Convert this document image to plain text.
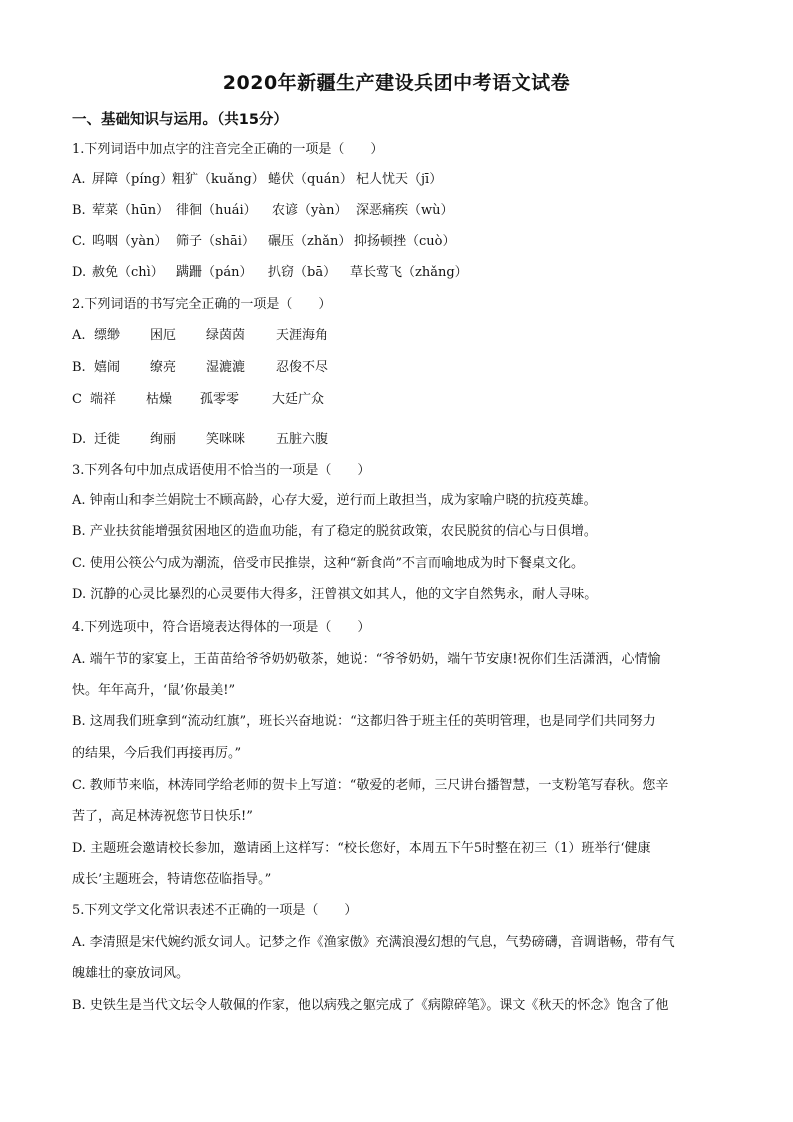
2020年新疆生产建设兵团中考语文试卷
一、基础知识与运用。（共15分）
1.下列词语中加点字的注音完全正确的一项是（　　）
A. 屏障（píng）
粗犷（kuǎng） 蜷伏（quán） 杞人忧天（jī）
B. 荤菜（hūn） 徘徊（huái） 农谚（yàn） 深恶痛疾（wù）
C. 呜咽（yàn） 筛子（shāi） 碾压（zhǎn） 抑扬顿挫（cuò）
D. 赦免（chì） 蹒跚（pán） 扒窃（bā） 草长莺飞（zhǎng）
2.下列词语的书写完全正确的一项是（　　）
A. 缥缈 困厄 绿茵茵 天涯海角
B. 嬉闹 缭亮 湿漉漉 忍俊不尽
C 端祥 枯燥 孤零零	大廷广众
D. 迁徙 绚丽 笑咪咪 五脏六腹
3.下列各句中加点成语使用不恰当的一项是（　　）
A. 钟南山和李兰娟院士不顾高龄，心存大爱，逆行而上敢担当，成为家喻户晓的抗疫英雄。
B. 产业扶贫能增强贫困地区的造血功能，有了稳定的脱贫政策，农民脱贫的信心与日俱增。
C. 使用公筷公勺成为潮流，倍受市民推崇，这种“新食尚”不言而喻地成为时下餐桌文化。
D. 沉静的心灵比暴烈的心灵要伟大得多，汪曾祺文如其人，他的文字自然隽永，耐人寻味。
4.下列选项中，符合语境表达得体的一项是（　　）
A. 端午节的家宴上，王苗苗给爷爷奶奶敬茶，她说：“爷爷奶奶，端午节安康!祝你们生活潇洒，心情愉
快。年年高升，‘鼠’你最美!”
B. 这周我们班拿到“流动红旗”，班长兴奋地说：“这都归咎于班主任的英明管理，也是同学们共同努力
的结果，今后我们再接再厉。”
C. 教师节来临，林涛同学给老师的贺卡上写道：“敬爱的老师，三尺讲台播智慧，一支粉笔写春秋。您辛
苦了，高足林涛祝您节日快乐!”
D. 主题班会邀请校长参加，邀请函上这样写：“校长您好，本周五下午5时整在初三（1）班举行‘健康
成长’主题班会，特请您莅临指导。”
5.下列文学文化常识表述不正确的一项是（　　）
A. 李清照是宋代婉约派女词人。记梦之作《渔家傲》充满浪漫幻想的气息，气势磅礴，音调谐畅，带有气
魄雄壮的豪放词风。
B. 史铁生是当代文坛令人敬佩的作家，他以病残之躯完成了《病隙碎笔》。课文《秋天的怀念》饱含了他
